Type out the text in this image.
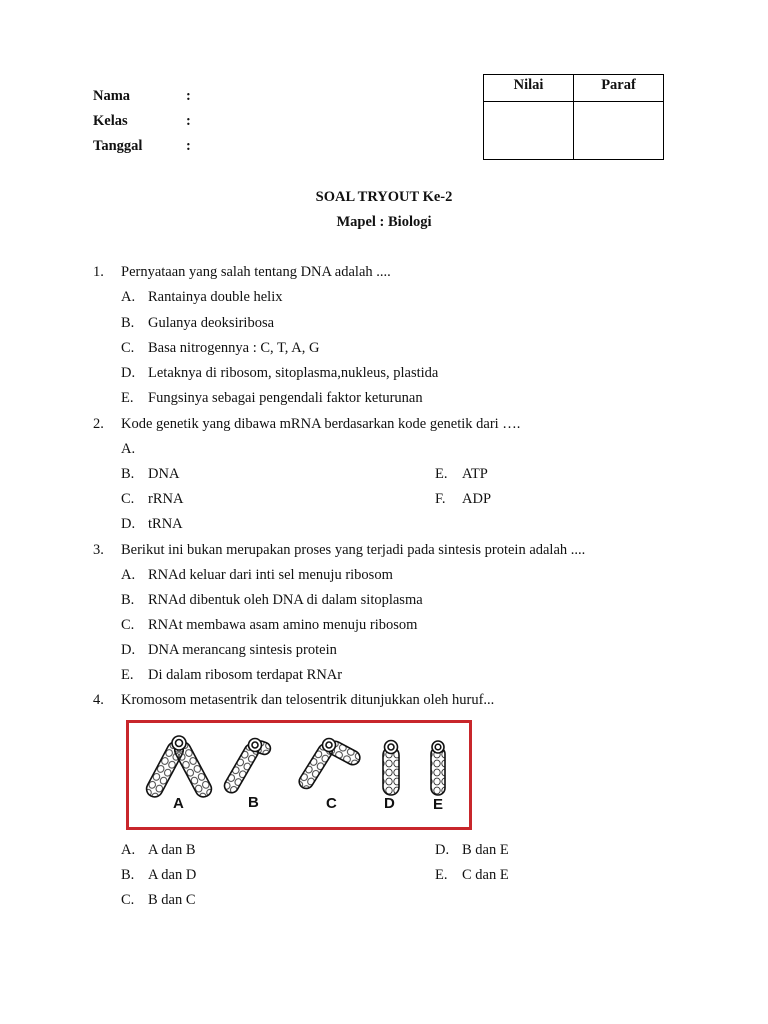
Nama	:
Kelas	:
Tanggal	:
Nilai	Paraf
SOAL TRYOUT Ke-2
Mapel : Biologi
1. Pernyataan yang salah tentang DNA adalah ....
A. Rantainya double helix
B. Gulanya deoksiribosa
C. Basa nitrogennya : C, T, A, G
D. Letaknya di ribosom, sitoplasma,nukleus, plastida
E. Fungsinya sebagai pengendali faktor keturunan
2. Kode genetik yang dibawa mRNA berdasarkan kode genetik dari ….
A.
B. DNA
C. rRNA
D. tRNA
E. ATP
F. ADP
3. Berikut ini bukan merupakan proses yang terjadi pada sintesis protein adalah ....
A. RNAd keluar dari inti sel menuju ribosom
B. RNAd dibentuk oleh DNA di dalam sitoplasma
C. RNAt membawa asam amino menuju ribosom
D. DNA merancang sintesis protein
E. Di dalam ribosom terdapat RNAr
4. Kromosom metasentrik dan telosentrik ditunjukkan oleh huruf...
A	B	C	D	E
A. A dan B
B. A dan D
C. B dan C
D. B dan E
E. C dan E
